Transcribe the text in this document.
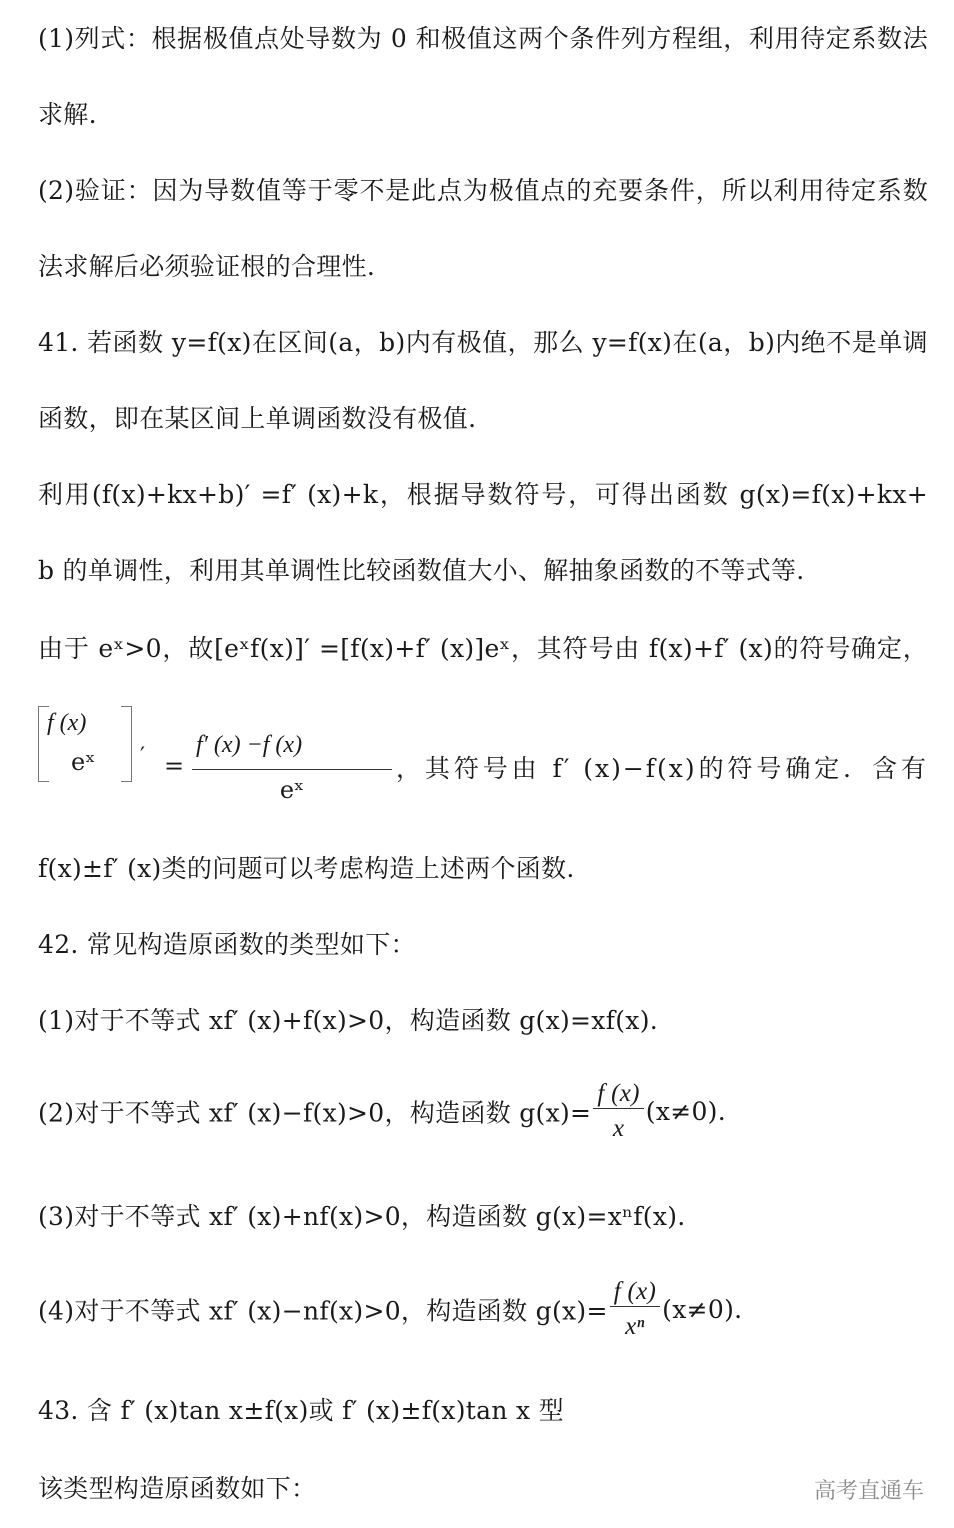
(1)列式：根据极值点处导数为 0 和极值这两个条件列方程组，利用待定系数法
求解.
(2)验证：因为导数值等于零不是此点为极值点的充要条件，所以利用待定系数
法求解后必须验证根的合理性.
41. 若函数 y=f(x)在区间(a，b)内有极值，那么 y=f(x)在(a，b)内绝不是单调
函数，即在某区间上单调函数没有极值.
利用(f(x)+kx+b)′ =f′ (x)+k，根据导数符号，可得出函数 g(x)=f(x)+kx+
b 的单调性，利用其单调性比较函数值大小、解抽象函数的不等式等.
由于 eˣ>0，故[eˣf(x)]′ =[f(x)+f′ (x)]eˣ，其符号由 f(x)+f′ (x)的符号确定，
f (x)
eˣ ′ = $\frac{f' (x) -f (x)}{\text{eˣ}}$ ，其符号由 f′ (x)−f(x)的符号确定．含有
f(x)±f′ (x)类的问题可以考虑构造上述两个函数.
42. 常见构造原函数的类型如下：
(1)对于不等式 xf′ (x)+f(x)>0，构造函数 g(x)=xf(x).
(2)对于不等式 xf′ (x)−f(x)>0，构造函数 $g(x)= \frac{f (x)}{x} (x\ne 0)$.
(3)对于不等式 xf′ (x)+nf(x)>0，构造函数 g(x)=xⁿf(x).
(4)对于不等式 xf′ (x)−nf(x)>0，构造函数 $g(x)= \frac{f (x)}{\text{xⁿ}} (x\ne 0)$.
43. 含 f′ (x)tan x±f(x)或 f′ (x)±f(x)tan x 型
该类型构造原函数如下：	高考直通车
